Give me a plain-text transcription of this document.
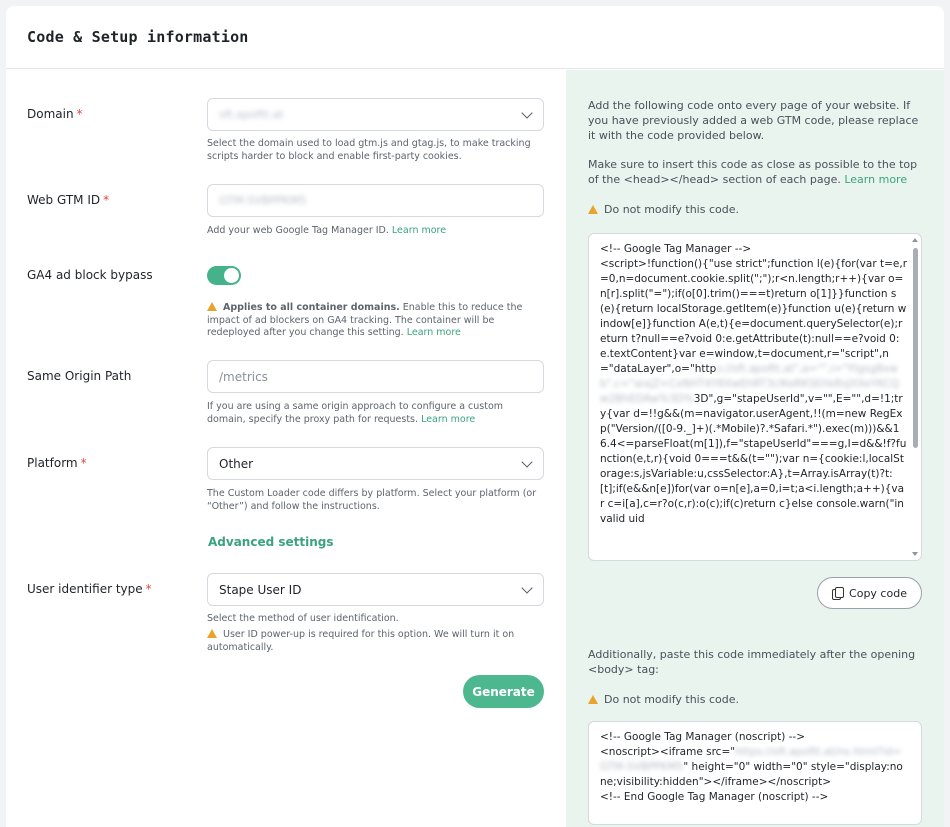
Code & Setup information
Domain *	sft.apoftt.at
Select the domain used to load gtm.js and gtag.js, to make tracking scripts harder to block and enable first-party cookies.
Web GTM ID *	GTM-SVBPPKM5
Add your web Google Tag Manager ID. Learn more
GA4 ad block bypass
Applies to all container domains. Enable this to reduce the impact of ad blockers on GA4 tracking. The container will be redeployed after you change this setting. Learn more
Same Origin Path
/metrics
If you are using a same origin approach to configure a custom domain, specify the proxy path for requests. Learn more
Platform *	Other
The Custom Loader code differs by platform. Select your platform (or “Other”) and follow the instructions.
Advanced settings
User identifier type *	Stape User ID
Select the method of user identification.
User ID power-up is required for this option. We will turn it on automatically.
Generate
Add the following code onto every page of your website. If you have previously added a web GTM code, please replace it with the code provided below.
Make sure to insert this code as close as possible to the top of the <head></head> section of each page. Learn more
Do not modify this code.
<!-- Google Tag Manager -->
<script>!function(){"use strict";function l(e){for(var t=e,r=0,n=document.cookie.split(";");r<n.length;r++){var o=n[r].split("=");if(o[0].trim()===t)return o[1]}}function s(e){return localStorage.getItem(e)}function u(e){return window[e]}function A(e,t){e=document.querySelector(e);return t?null==e?void 0:e.getAttribute(t):null==e?void 0:e.textContent}var e=window,t=document,r="script",n="dataLayer",o="https://sft.apoftt.at",a="",i="Ytgsg8xwb",c="aixjZ=CxNHT4Y8XwEhRT3clKeRKSEhkRsJXXeYKCQw2BhEDAw%3D%3D",g="stapeUserId",v="",E="",d=!1;try{var d=!!g&&(m=navigator.userAgent,!!(m=new RegExp("Version/([0-9._]+)(.*Mobile)?.*Safari.*").exec(m)))&&16.4<=parseFloat(m[1]),f="stapeUserId"===g,I=d&&!f?function(e,t,r){void 0===t&&(t="");var n={cookie:l,localStorage:s,jsVariable:u,cssSelector:A},t=Array.isArray(t)?t:[t];if(e&&n[e])for(var o=n[e],a=0,i=t;a<i.length;a++){var c=i[a],c=r?o(c,r):o(c);if(c)return c}else console.warn("invalid uid

Copy code
Additionally, paste this code immediately after the opening <body> tag:
Do not modify this code.
<!-- Google Tag Manager (noscript) -->
<noscript><iframe src="https://sft.apoftt.at/ns.html?id=GTM-SVBPPKM5" height="0" width="0" style="display:none;visibility:hidden"></iframe></noscript>
<!-- End Google Tag Manager (noscript) -->
